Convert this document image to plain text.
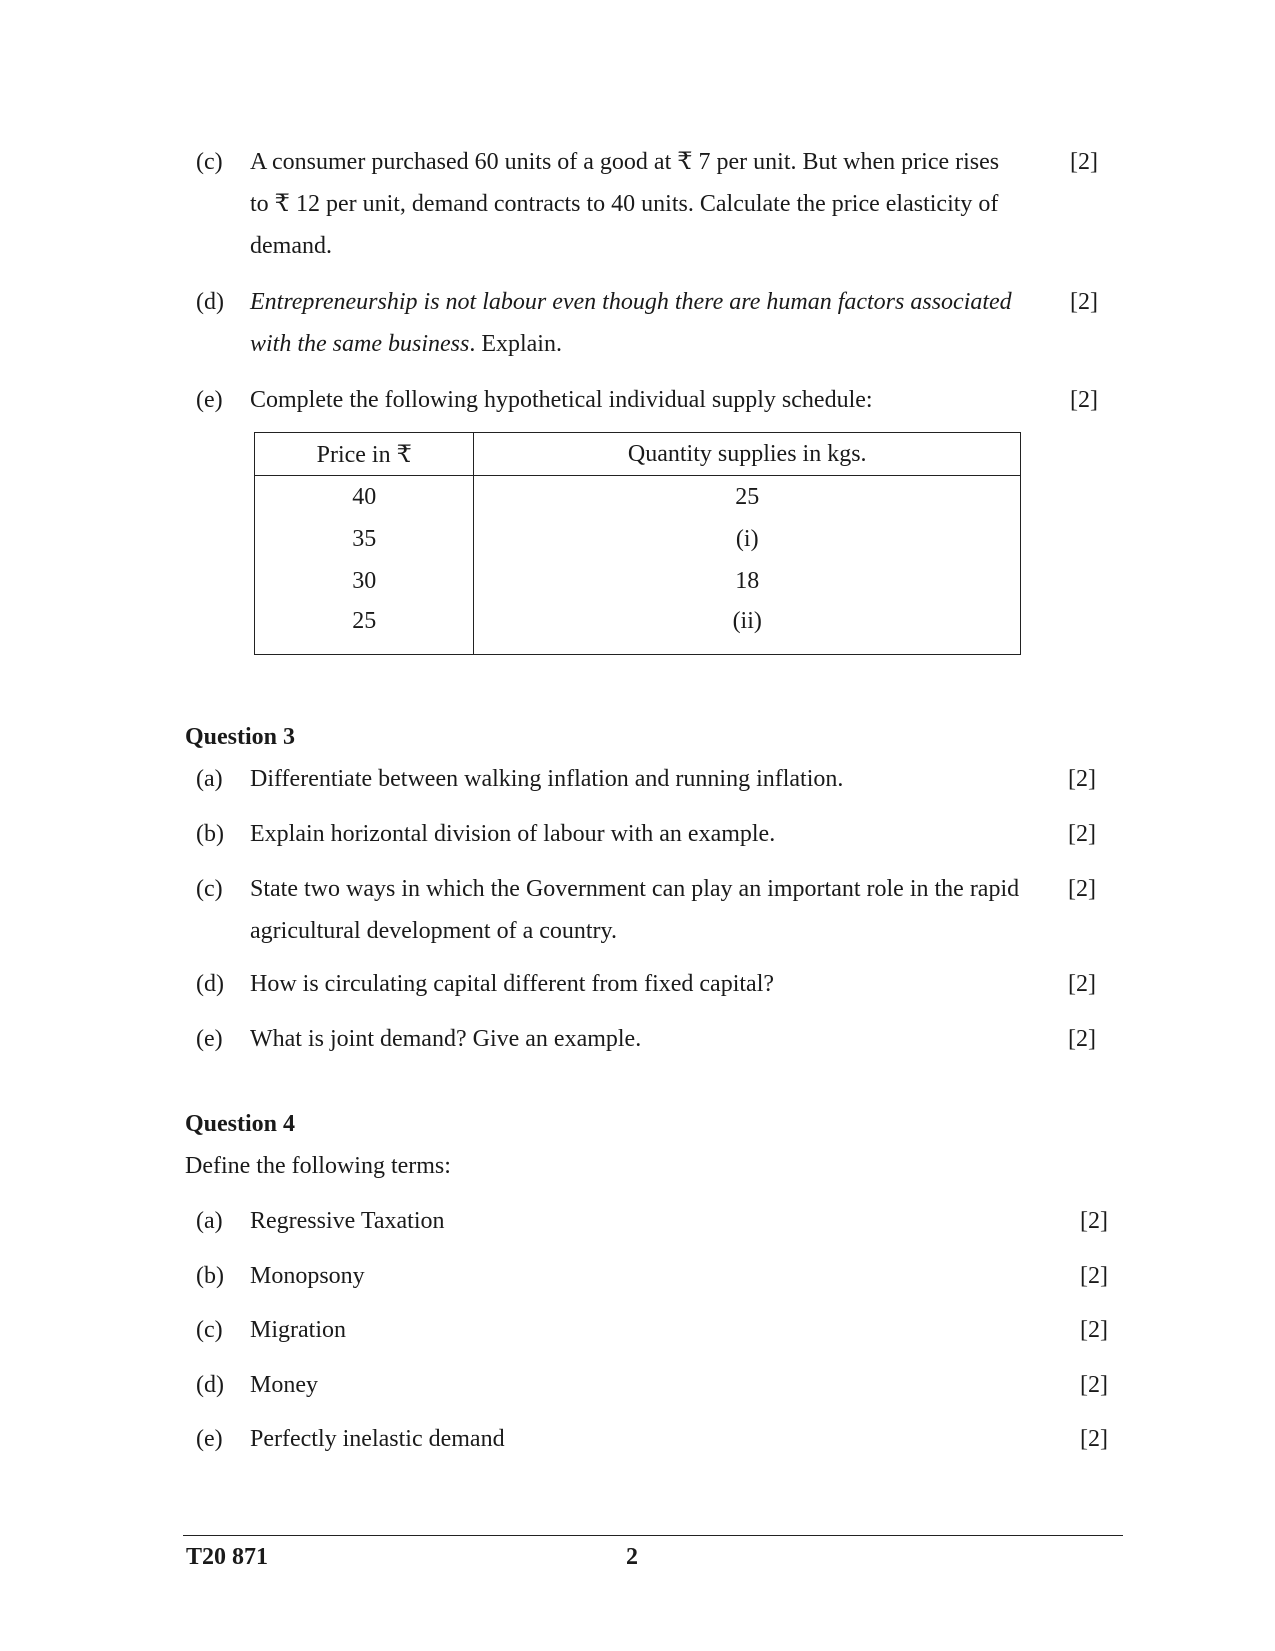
(c) A consumer purchased 60 units of a good at ₹ 7 per unit. But when price rises
to ₹ 12 per unit, demand contracts to 40 units. Calculate the price elasticity of
demand.
[2]
(d) Entrepreneurship is not labour even though there are human factors associated
with the same business. Explain.
[2]
(e) Complete the following hypothetical individual supply schedule:	[2]
Price in ₹	Quantity supplies in kgs.
40	25
35	(i)
30	18
25	(ii)
Question 3
(a) Differentiate between walking inflation and running inflation.	[2]
(b) Explain horizontal division of labour with an example.	[2]
(c) State two ways in which the Government can play an important role in the rapid
agricultural development of a country.
[2]
(d) How is circulating capital different from fixed capital?	[2]
(e) What is joint demand? Give an example.	[2]
Question 4
Define the following terms:
(a) Regressive Taxation	[2]
(b) Monopsony	[2]
(c) Migration	[2]
(d) Money	[2]
(e) Perfectly inelastic demand	[2]
T20 871	2
